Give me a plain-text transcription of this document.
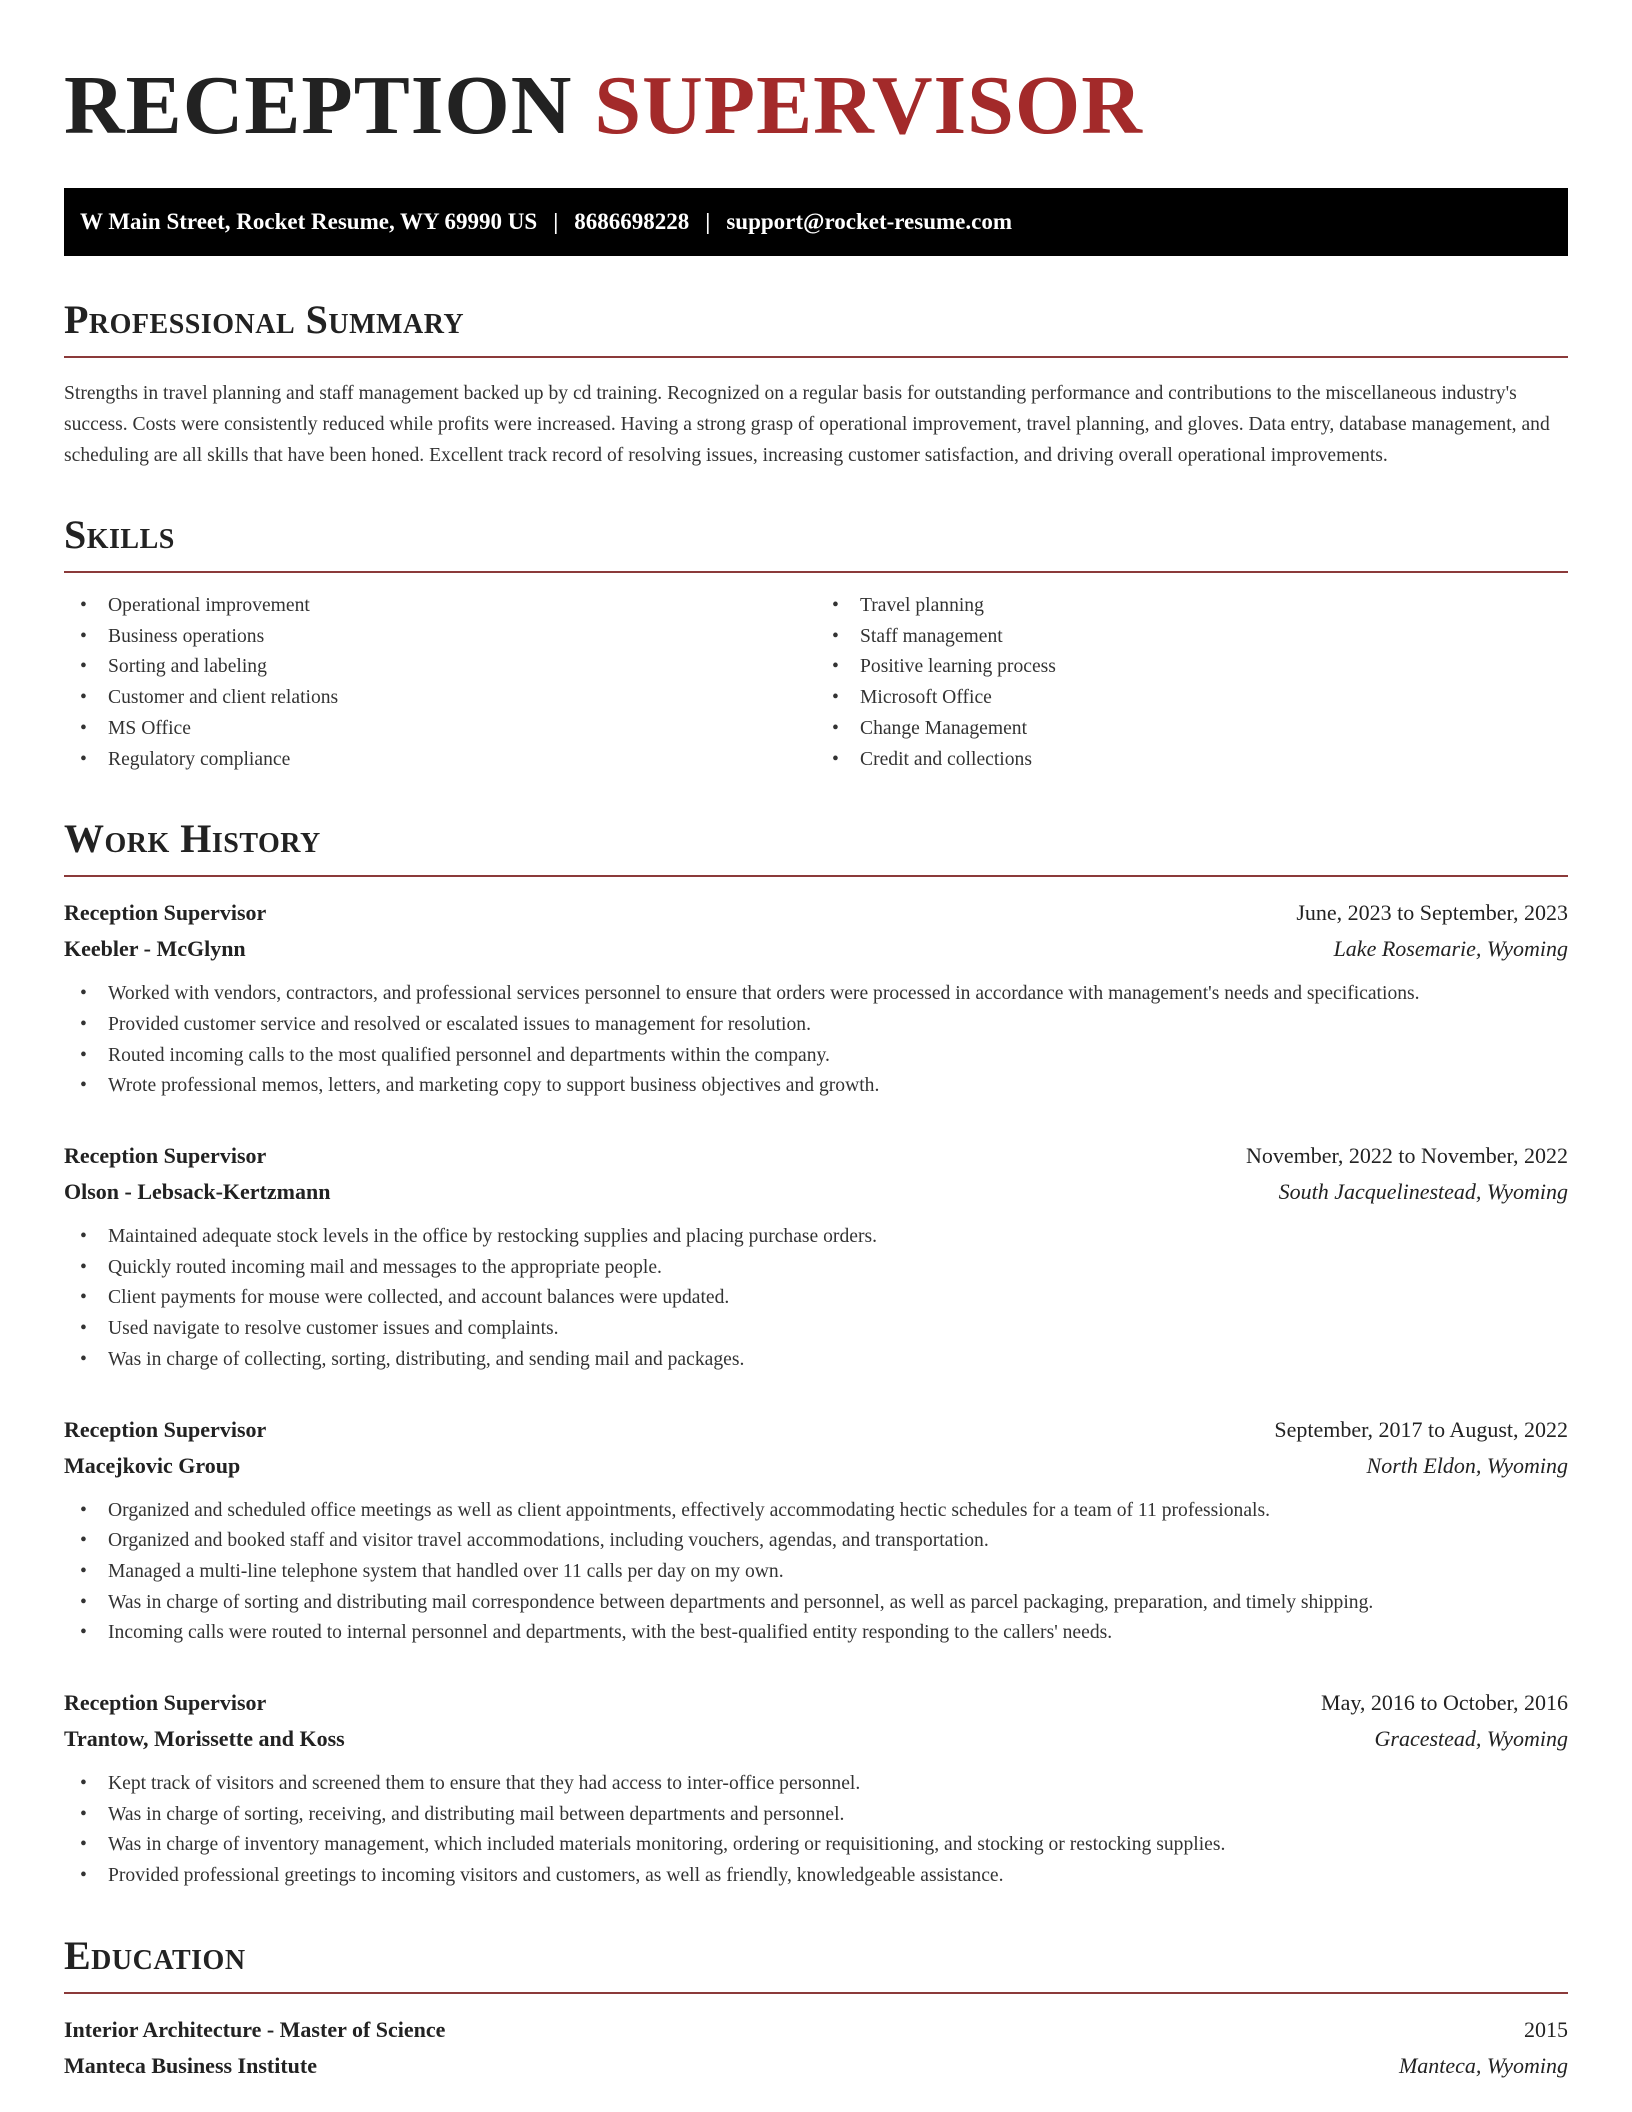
RECEPTION SUPERVISOR
W Main Street, Rocket Resume, WY 69990 US | 8686698228 | support@rocket-resume.com
Professional Summary

Strengths in travel planning and staff management backed up by cd training. Recognized on a regular basis for outstanding performance and contributions to the miscellaneous industry's success. Costs were consistently reduced while profits were increased. Having a strong grasp of operational improvement, travel planning, and gloves. Data entry, database management, and scheduling are all skills that have been honed. Excellent track record of resolving issues, increasing customer satisfaction, and driving overall operational improvements.

Skills
• Operational improvement
• Business operations
• Sorting and labeling
• Customer and client relations
• MS Office
• Regulatory compliance
• Travel planning
• Staff management
• Positive learning process
• Microsoft Office
• Change Management
• Credit and collections
Work History
Reception Supervisor	June, 2023 to September, 2023
Keebler - McGlynn	Lake Rosemarie, Wyoming
• Worked with vendors, contractors, and professional services personnel to ensure that orders were processed in accordance with management's needs and specifications.
• Provided customer service and resolved or escalated issues to management for resolution.
• Routed incoming calls to the most qualified personnel and departments within the company.
• Wrote professional memos, letters, and marketing copy to support business objectives and growth.
Reception Supervisor	November, 2022 to November, 2022
Olson - Lebsack-Kertzmann	South Jacquelinestead, Wyoming
• Maintained adequate stock levels in the office by restocking supplies and placing purchase orders.
• Quickly routed incoming mail and messages to the appropriate people.
• Client payments for mouse were collected, and account balances were updated.
• Used navigate to resolve customer issues and complaints.
• Was in charge of collecting, sorting, distributing, and sending mail and packages.
Reception Supervisor	September, 2017 to August, 2022
Macejkovic Group	North Eldon, Wyoming
• Organized and scheduled office meetings as well as client appointments, effectively accommodating hectic schedules for a team of 11 professionals.
• Organized and booked staff and visitor travel accommodations, including vouchers, agendas, and transportation.
• Managed a multi-line telephone system that handled over 11 calls per day on my own.
• Was in charge of sorting and distributing mail correspondence between departments and personnel, as well as parcel packaging, preparation, and timely shipping.
• Incoming calls were routed to internal personnel and departments, with the best-qualified entity responding to the callers' needs.
Reception Supervisor	May, 2016 to October, 2016
Trantow, Morissette and Koss	Gracestead, Wyoming
• Kept track of visitors and screened them to ensure that they had access to inter-office personnel.
• Was in charge of sorting, receiving, and distributing mail between departments and personnel.
• Was in charge of inventory management, which included materials monitoring, ordering or requisitioning, and stocking or restocking supplies.
• Provided professional greetings to incoming visitors and customers, as well as friendly, knowledgeable assistance.
Education
Interior Architecture - Master of Science	2015
Manteca Business Institute	Manteca, Wyoming
